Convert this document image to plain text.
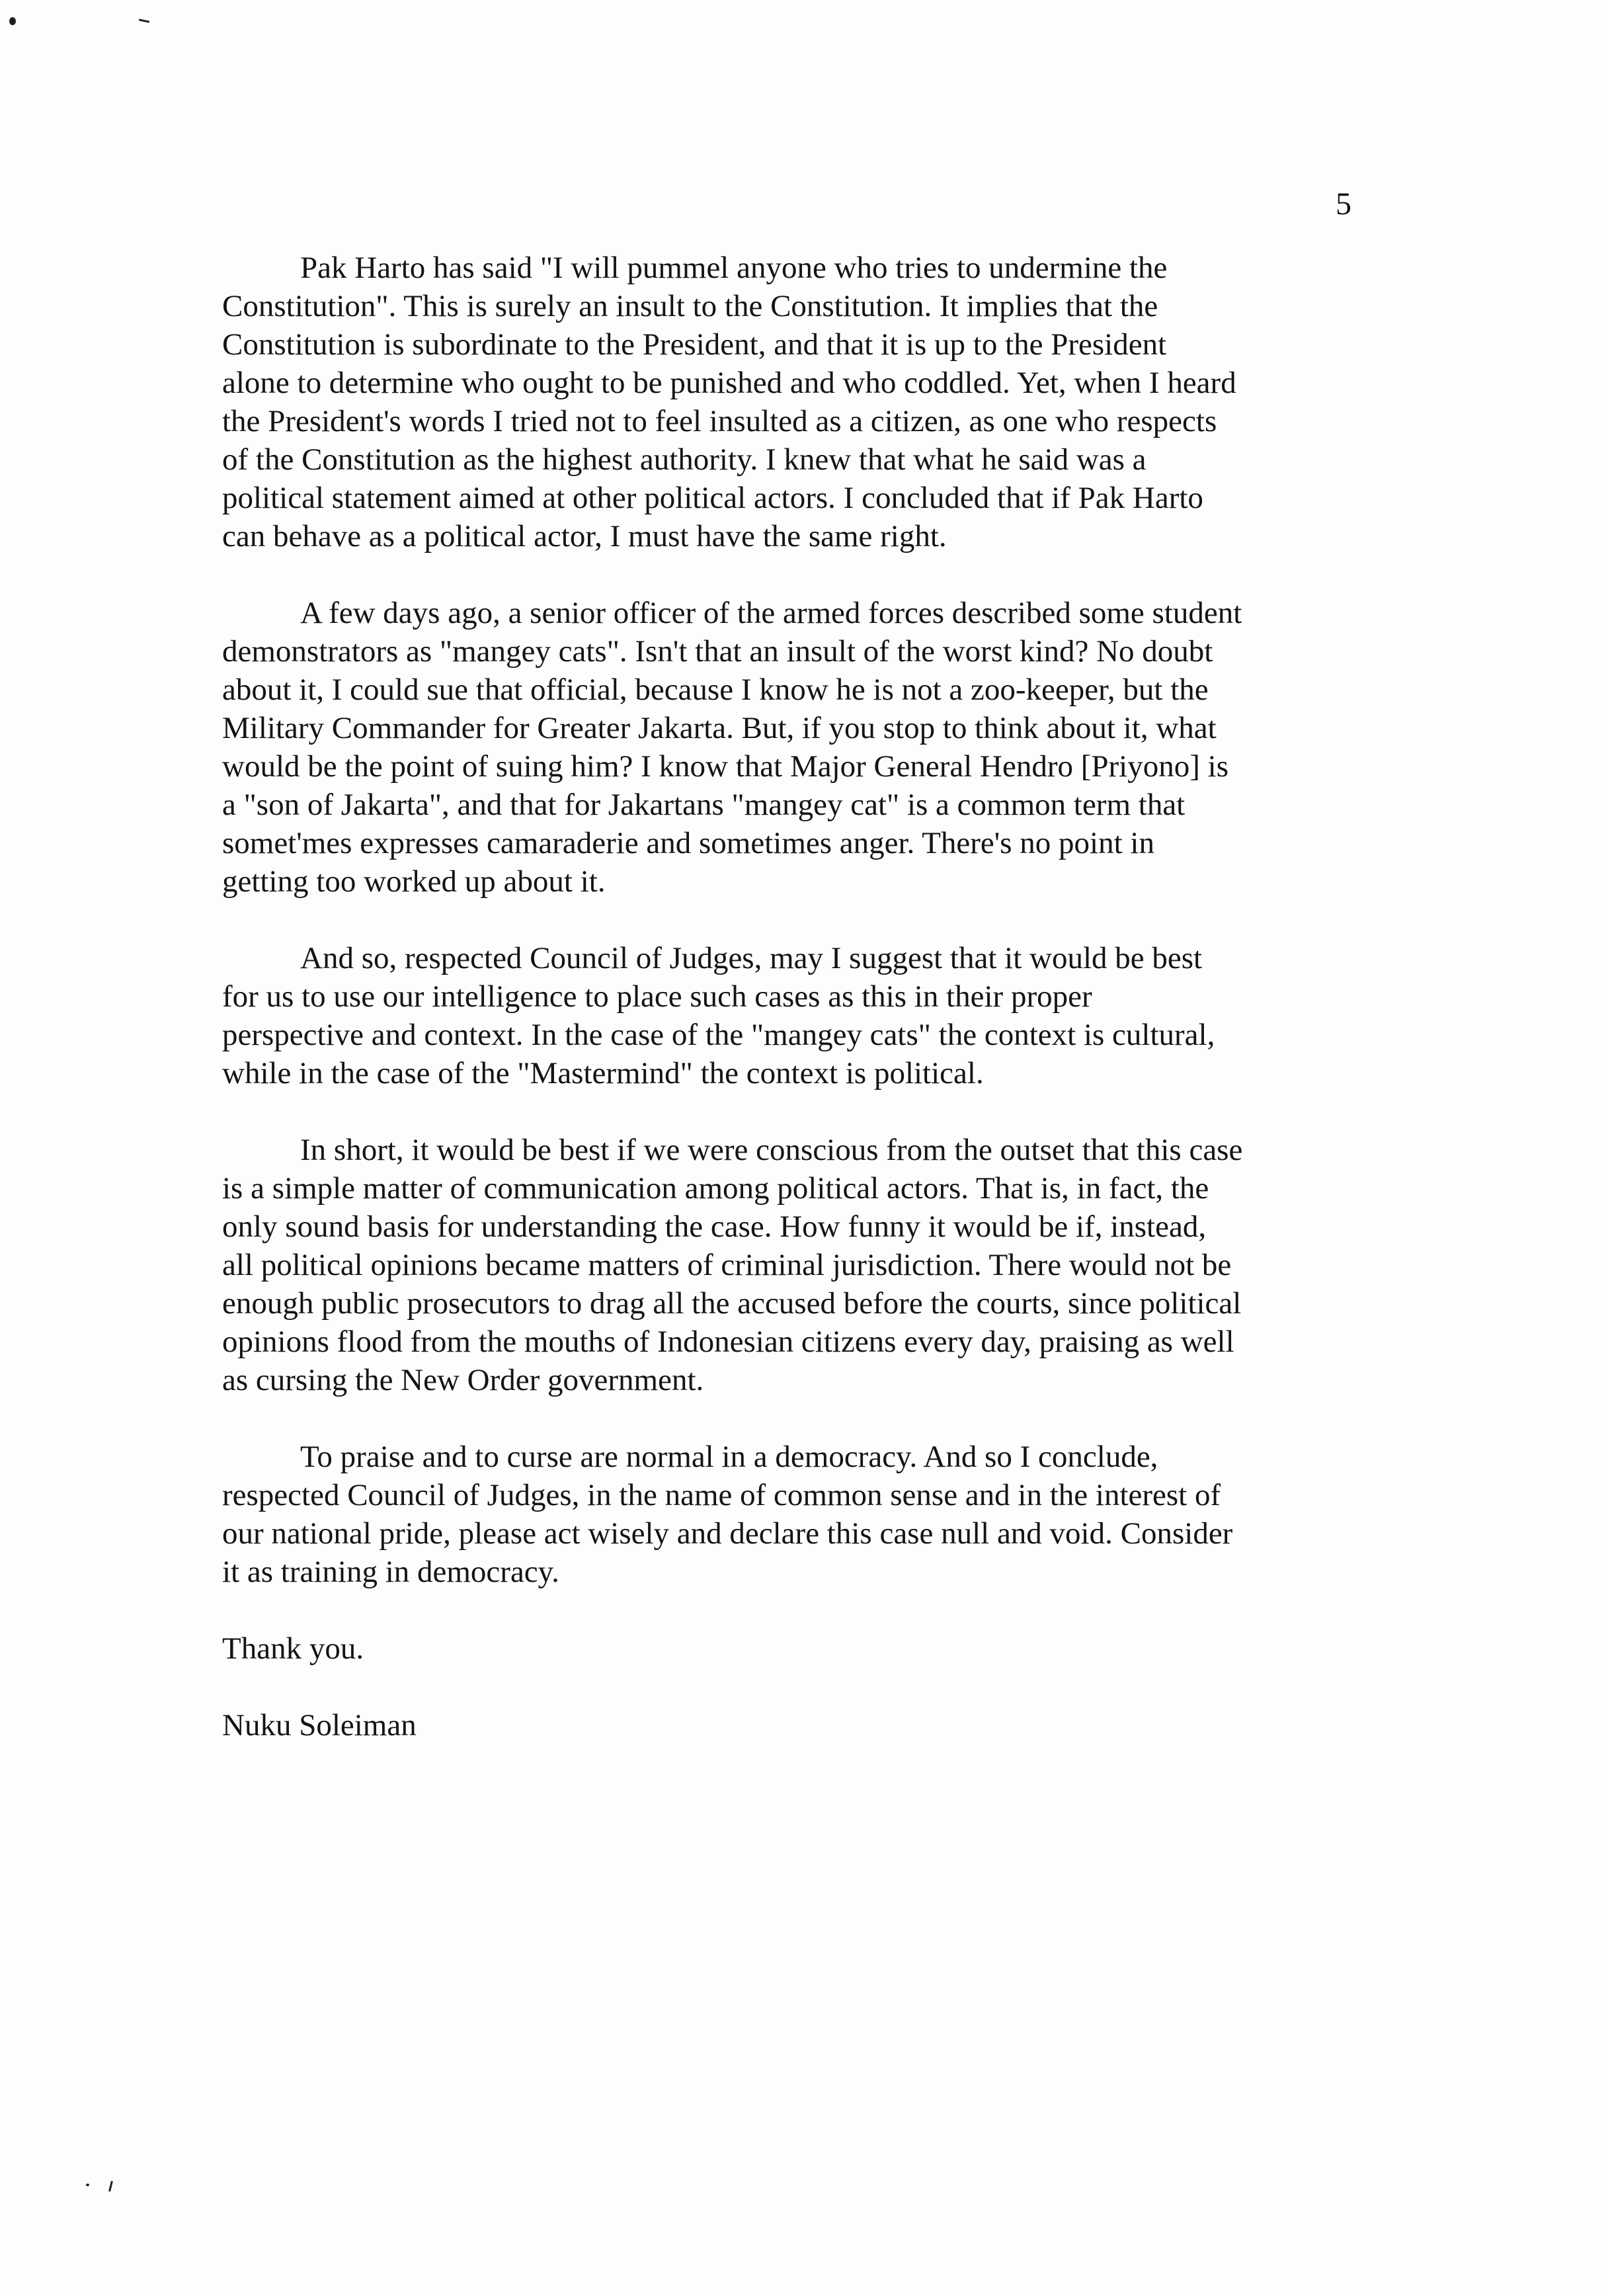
5

Pak Harto has said "I will pummel anyone who tries to undermine the
Constitution". This is surely an insult to the Constitution. It implies that the
Constitution is subordinate to the President, and that it is up to the President
alone to determine who ought to be punished and who coddled. Yet, when I heard
the President's words I tried not to feel insulted as a citizen, as one who respects
of the Constitution as the highest authority. I knew that what he said was a
political statement aimed at other political actors. I concluded that if Pak Harto
can behave as a political actor, I must have the same right.

A few days ago, a senior officer of the armed forces described some student
demonstrators as "mangey cats". Isn't that an insult of the worst kind? No doubt
about it, I could sue that official, because I know he is not a zoo-keeper, but the
Military Commander for Greater Jakarta. But, if you stop to think about it, what
would be the point of suing him? I know that Major General Hendro [Priyono] is
a "son of Jakarta", and that for Jakartans "mangey cat" is a common term that
somet'mes expresses camaraderie and sometimes anger. There's no point in
getting too worked up about it.

And so, respected Council of Judges, may I suggest that it would be best
for us to use our intelligence to place such cases as this in their proper
perspective and context. In the case of the "mangey cats" the context is cultural,
while in the case of the "Mastermind" the context is political.

In short, it would be best if we were conscious from the outset that this case
is a simple matter of communication among political actors. That is, in fact, the
only sound basis for understanding the case. How funny it would be if, instead,
all political opinions became matters of criminal jurisdiction. There would not be
enough public prosecutors to drag all the accused before the courts, since political
opinions flood from the mouths of Indonesian citizens every day, praising as well
as cursing the New Order government.

To praise and to curse are normal in a democracy. And so I conclude,
respected Council of Judges, in the name of common sense and in the interest of
our national pride, please act wisely and declare this case null and void. Consider
it as training in democracy.

Thank you.
Nuku Soleiman
